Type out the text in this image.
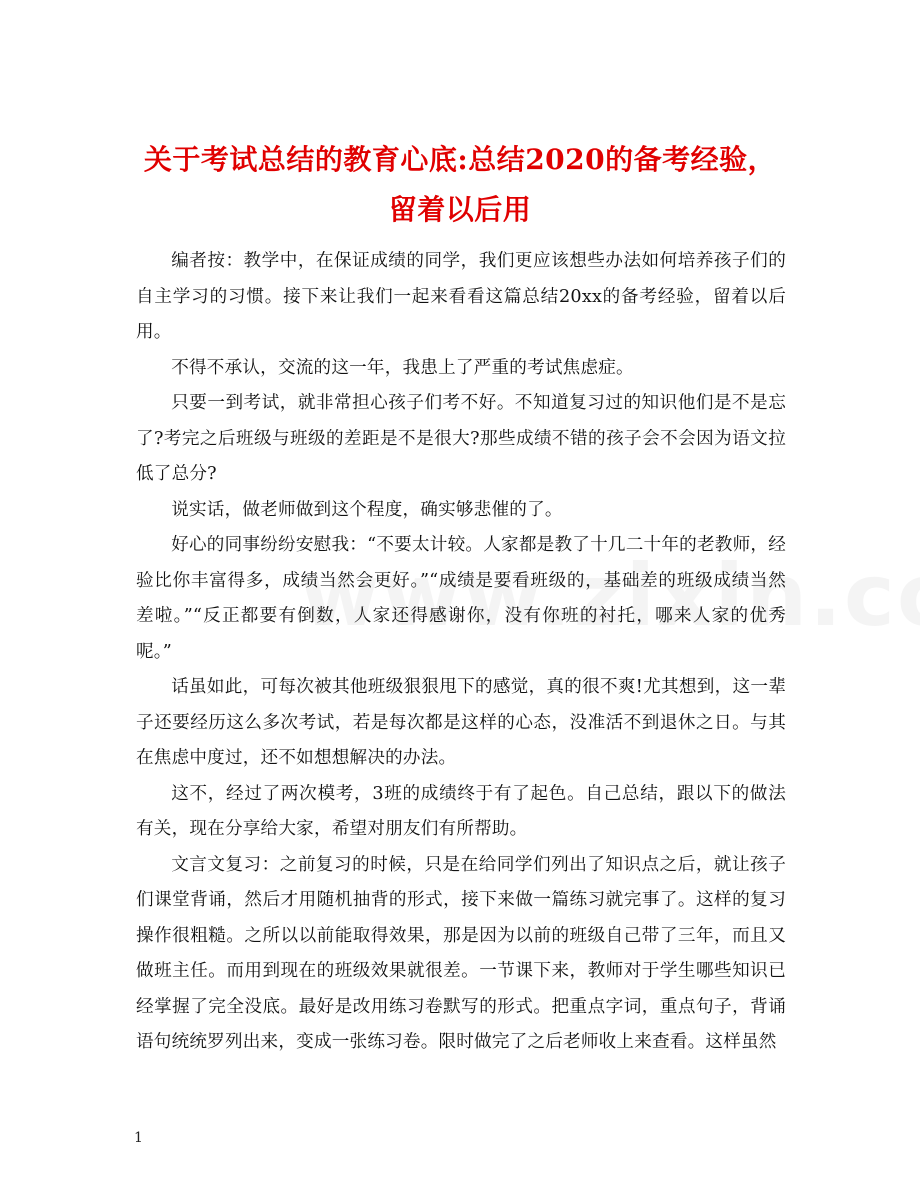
关于考试总结的教育心底:总结2020的备考经验，留着以后用

编者按：教学中，在保证成绩的同学，我们更应该想些办法如何培养孩子们的自主学习的习惯。接下来让我们一起来看看这篇总结20xx的备考经验，留着以后用。

不得不承认，交流的这一年，我患上了严重的考试焦虑症。

只要一到考试，就非常担心孩子们考不好。不知道复习过的知识他们是不是忘了?考完之后班级与班级的差距是不是很大?那些成绩不错的孩子会不会因为语文拉低了总分?

说实话，做老师做到这个程度，确实够悲催的了。

好心的同事纷纷安慰我：“不要太计较。人家都是教了十几二十年的老教师，经验比你丰富得多，成绩当然会更好。”“成绩是要看班级的，基础差的班级成绩当然差啦。”“反正都要有倒数，人家还得感谢你，没有你班的衬托，哪来人家的优秀呢。”

话虽如此，可每次被其他班级狠狠甩下的感觉，真的很不爽!尤其想到，这一辈子还要经历这么多次考试，若是每次都是这样的心态，没准活不到退休之日。与其在焦虑中度过，还不如想想解决的办法。

这不，经过了两次模考，3班的成绩终于有了起色。自己总结，跟以下的做法有关，现在分享给大家，希望对朋友们有所帮助。

文言文复习：之前复习的时候，只是在给同学们列出了知识点之后，就让孩子们课堂背诵，然后才用随机抽背的形式，接下来做一篇练习就完事了。这样的复习操作很粗糙。之所以以前能取得效果，那是因为以前的班级自己带了三年，而且又做班主任。而用到现在的班级效果就很差。一节课下来，教师对于学生哪些知识已经掌握了完全没底。最好是改用练习卷默写的形式。把重点字词，重点句子，背诵语句统统罗列出来，变成一张练习卷。限时做完了之后老师收上来查看。这样虽然

1
